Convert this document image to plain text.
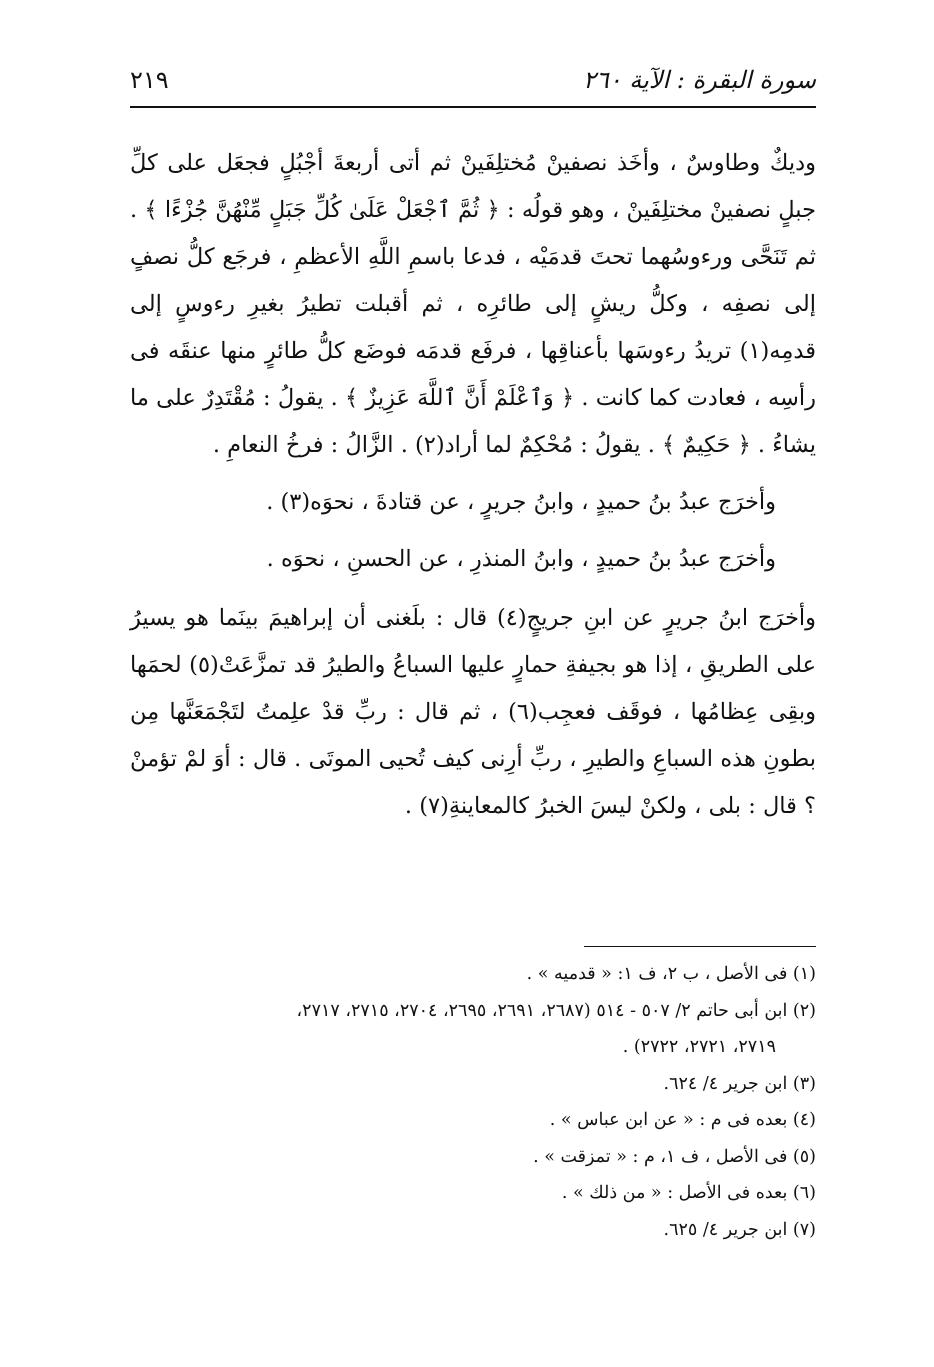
سورة البقرة : الآية ٢٦٠
٢١٩

وديكٌ وطاوسٌ ، وأخَذ نصفينْ مُختلِفَينْ ثم أتى أربعةَ أجْبُلٍ فجعَل على كلِّ جبلٍ نصفينْ مختلِفَينْ ، وهو قولُه : ﴿ ثُمَّ ٱجْعَلْ عَلَىٰ كُلِّ جَبَلٍ مِّنْهُنَّ جُزْءًا ﴾ . ثم تَنَحَّى ورءوسُهما تحتَ قدمَيْه ، فدعا باسمِ اللَّهِ الأعظمِ ، فرجَع كلُّ نصفٍ إلى نصفِه ، وكلُّ ريشٍ إلى طائرِه ، ثم أقبلت تطيرُ بغيرِ رءوسٍ إلى قدمِه(١) تريدُ رءوسَها بأعناقِها ، فرفَع قدمَه فوضَع كلُّ طائرٍ منها عنقَه فى رأسِه ، فعادت كما كانت . ﴿ وَٱعْلَمْ أَنَّ ٱللَّهَ عَزِيزٌ ﴾ . يقولُ : مُقْتَدِرٌ على ما يشاءُ . ﴿ حَكِيمٌ ﴾ . يقولُ : مُحْكِمٌ لما أراد(٢) . الزَّالُ : فرخُ النعامِ .

وأخرَج عبدُ بنُ حميدٍ ، وابنُ جريرٍ ، عن قتادةَ ، نحوَه(٣) .

وأخرَج عبدُ بنُ حميدٍ ، وابنُ المنذرِ ، عن الحسنِ ، نحوَه .

وأخرَج ابنُ جريرٍ عن ابنِ جريجٍ(٤) قال : بلَغنى أن إبراهيمَ بينَما هو يسيرُ على الطريقِ ، إذا هو بجيفةِ حمارٍ عليها السباعُ والطيرُ قد تمزَّعَتْ(٥) لحمَها وبقِى عِظامُها ، فوقَف فعجِب(٦) ، ثم قال : ربِّ قدْ علِمتُ لتَجْمَعَنَّها مِن بطونِ هذه السباعِ والطيرِ ، ربِّ أرِنى كيف تُحيى الموتَى . قال : أوَ لمْ تؤمنْ ؟ قال : بلى ، ولكنْ ليسَ الخبرُ كالمعاينةِ(٧) .

(١) فى الأصل ، ب ٢، ف ١: « قدميه » .

(٢) ابن أبى حاتم ٢/ ٥٠٧ - ٥١٤ (٢٦٨٧، ٢٦٩١، ٢٦٩٥، ٢٧٠٤، ٢٧١٥، ٢٧١٧،

٢٧١٩، ٢٧٢١، ٢٧٢٢) .

(٣) ابن جرير ٤/ ٦٢٤.

(٤) بعده فى م : « عن ابن عباس » .

(٥) فى الأصل ، ف ١، م : « تمزقت » .

(٦) بعده فى الأصل : « من ذلك » .

(٧) ابن جرير ٤/ ٦٢٥.
